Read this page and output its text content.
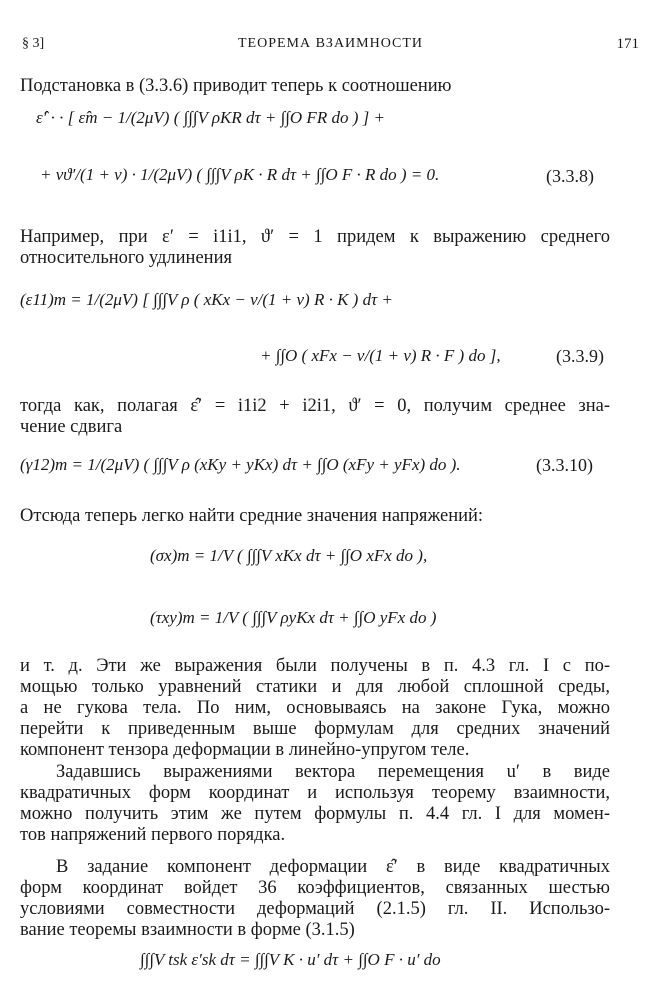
§ 3]	ТЕОРЕМА ВЗАИМНОСТИ	171
Подстановка в (3.3.6) приводит теперь к соотношению
ε̂′ · · [ ε̂m − 1/(2μV) ( ∫∫∫V ρKR dτ + ∫∫O FR do ) ] +
+ νϑ′/(1 + ν) · 1/(2μV) ( ∫∫∫V ρK · R dτ + ∫∫O F · R do ) = 0.	(3.3.8)
Например, при ε′ = i1i1, ϑ′ = 1 придем к выражению среднего
относительного удлинения
(ε11)m = 1/(2μV) [ ∫∫∫V ρ ( xKx − ν/(1 + ν) R · K ) dτ +
+ ∫∫O ( xFx − ν/(1 + ν) R · F ) do ],	(3.3.9)
тогда как, полагая ε̂′ = i1i2 + i2i1, ϑ′ = 0, получим среднее зна-
чение сдвига
(γ12)m = 1/(2μV) ( ∫∫∫V ρ (xKy + yKx) dτ + ∫∫O (xFy + yFx) do ).	(3.3.10)
Отсюда теперь легко найти средние значения напряжений:
(σx)m = 1/V ( ∫∫∫V xKx dτ + ∫∫O xFx do ),
(τxy)m = 1/V ( ∫∫∫V ρyKx dτ + ∫∫O yFx do )
и т. д. Эти же выражения были получены в п. 4.3 гл. I с по-
мощью только уравнений статики и для любой сплошной среды,
а не гукова тела. По ним, основываясь на законе Гука, можно
перейти к приведенным выше формулам для средних значений
компонент тензора деформации в линейно-упругом теле.
Задавшись выражениями вектора перемещения u′ в виде
квадратичных форм координат и используя теорему взаимности,
можно получить этим же путем формулы п. 4.4 гл. I для момен-
тов напряжений первого порядка.
В задание компонент деформации ε̂′ в виде квадратичных
форм координат войдет 36 коэффициентов, связанных шестью
условиями совместности деформаций (2.1.5) гл. II. Использо-
вание теоремы взаимности в форме (3.1.5)
∫∫∫V tsk ε′sk dτ = ∫∫∫V K · u′ dτ + ∫∫O F · u′ do
